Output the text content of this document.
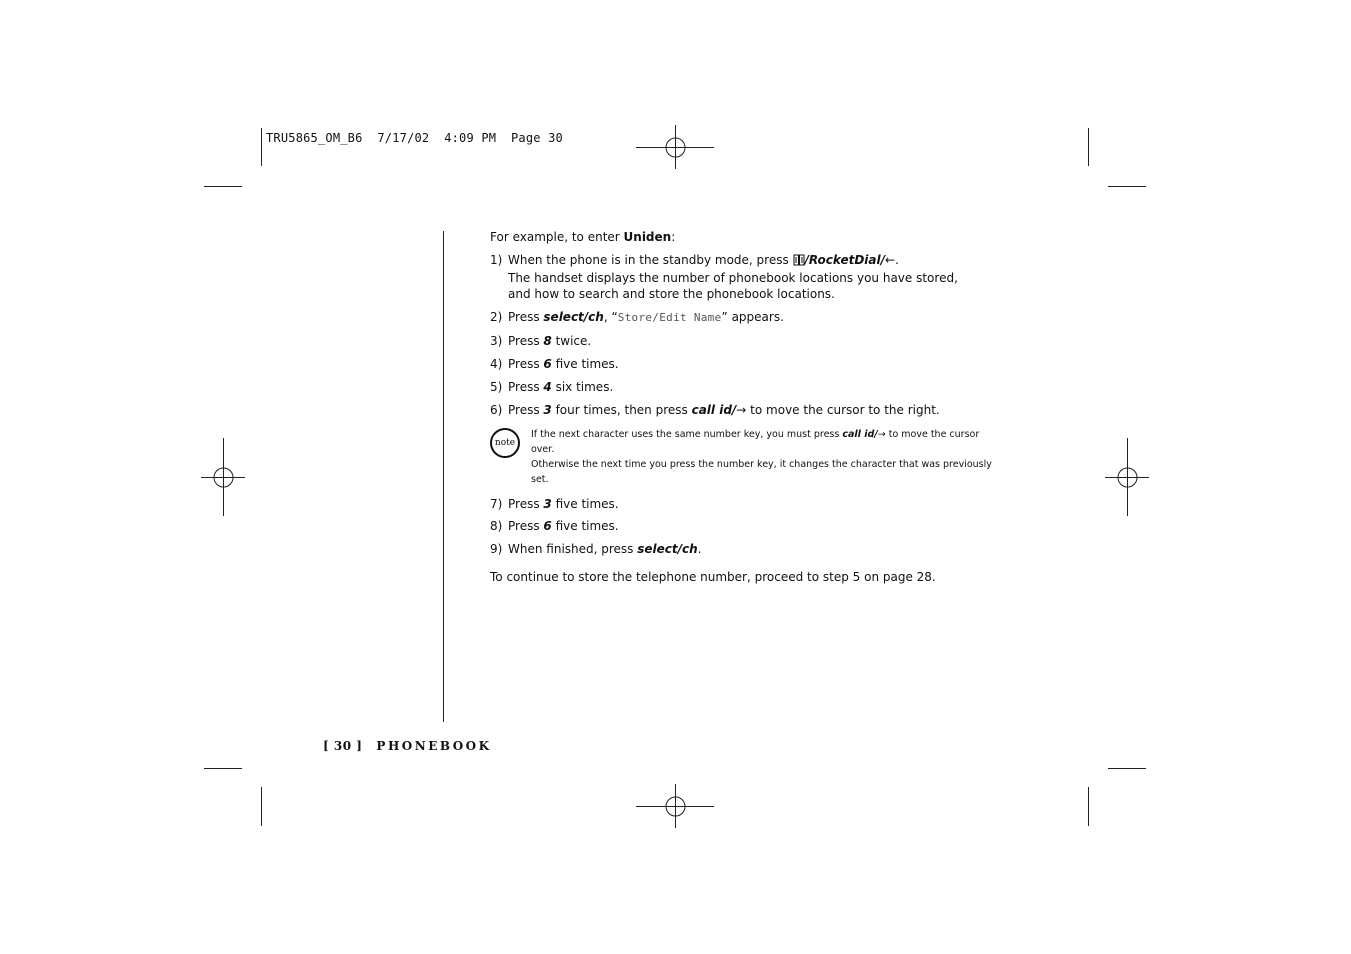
TRU5865_OM_B6  7/17/02  4:09 PM  Page 30

For example, to enter Uniden:

1) When the phone is in the standby mode, press /RocketDial/←.
The handset displays the number of phonebook locations you have stored,
and how to search and store the phonebook locations.
2) Press select/ch, “Store/Edit Name” appears.
3) Press 8 twice.
4) Press 6 five times.
5) Press 4 six times.
6) Press 3 four times, then press call id/→ to move the cursor to the right.
note
If the next character uses the same number key, you must press call id/→ to move the cursor over.
Otherwise the next time you press the number key, it changes the character that was previously set.
7) Press 3 five times.
8) Press 6 five times.
9) When finished, press select/ch.

To continue to store the telephone number, proceed to step 5 on page 28.

[ 30 ] PHONEBOOK
